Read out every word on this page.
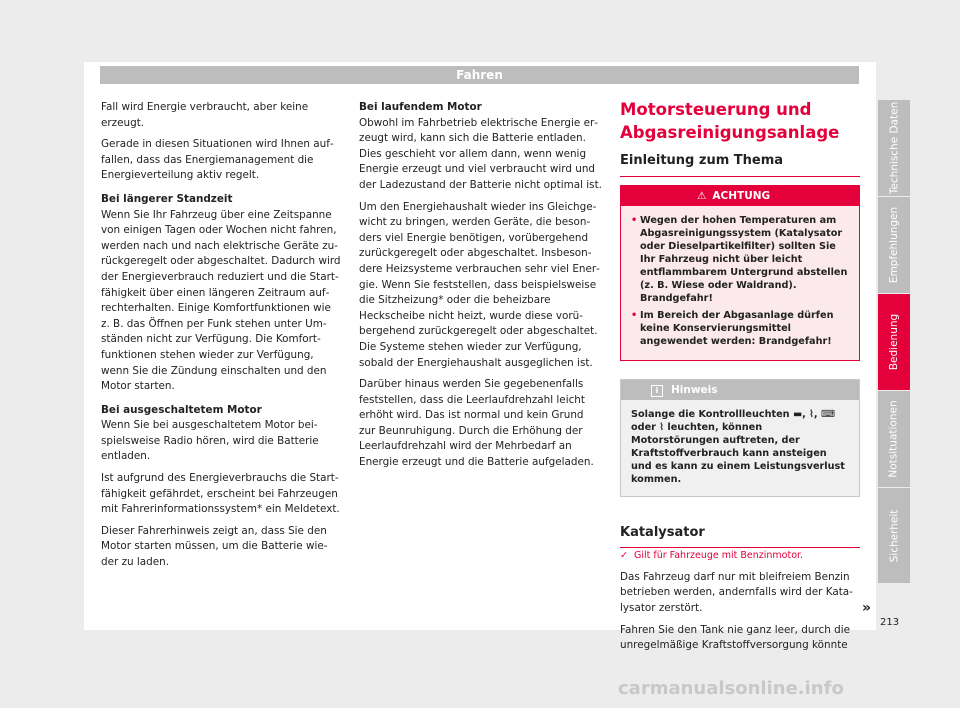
Fahren

Fall wird Energie verbraucht, aber keine erzeugt.

Gerade in diesen Situationen wird Ihnen auffallen, dass das Energiemanagement die Energieverteilung aktiv regelt.

Bei längerer Standzeit

Wenn Sie Ihr Fahrzeug über eine Zeitspanne von einigen Tagen oder Wochen nicht fahren, werden nach und nach elektrische Geräte zurückgeregelt oder abgeschaltet. Dadurch wird der Energieverbrauch reduziert und die Startfähigkeit über einen längeren Zeitraum aufrechterhalten. Einige Komfortfunktionen wie z. B. das Öffnen per Funk stehen unter Umständen nicht zur Verfügung. Die Komfortfunktionen stehen wieder zur Verfügung, wenn Sie die Zündung einschalten und den Motor starten.

Bei ausgeschaltetem Motor

Wenn Sie bei ausgeschaltetem Motor beispielsweise Radio hören, wird die Batterie entladen.

Ist aufgrund des Energieverbrauchs die Startfähigkeit gefährdet, erscheint bei Fahrzeugen mit Fahrerinformationssystem* ein Meldetext.

Dieser Fahrerhinweis zeigt an, dass Sie den Motor starten müssen, um die Batterie wieder zu laden.

Bei laufendem Motor

Obwohl im Fahrbetrieb elektrische Energie erzeugt wird, kann sich die Batterie entladen. Dies geschieht vor allem dann, wenn wenig Energie erzeugt und viel verbraucht wird und der Ladezustand der Batterie nicht optimal ist.

Um den Energiehaushalt wieder ins Gleichgewicht zu bringen, werden Geräte, die besonders viel Energie benötigen, vorübergehend zurückgeregelt oder abgeschaltet. Insbesondere Heizsysteme verbrauchen sehr viel Energie. Wenn Sie feststellen, dass beispielsweise die Sitzheizung* oder die beheizbare Heckscheibe nicht heizt, wurde diese vorübergehend zurückgeregelt oder abgeschaltet. Die Systeme stehen wieder zur Verfügung, sobald der Energiehaushalt ausgeglichen ist.

Darüber hinaus werden Sie gegebenenfalls feststellen, dass die Leerlaufdrehzahl leicht erhöht wird. Das ist normal und kein Grund zur Beunruhigung. Durch die Erhöhung der Leerlaufdrehzahl wird der Mehrbedarf an Energie erzeugt und die Batterie aufgeladen.

Motorsteuerung und Abgasreinigungsanlage
Einleitung zum Thema
⚠ ACHTUNG
• Wegen der hohen Temperaturen am Abgasreinigungssystem (Katalysator oder Dieselpartikelfilter) sollten Sie Ihr Fahrzeug nicht über leicht entflammbarem Untergrund abstellen (z. B. Wiese oder Waldrand). Brandgefahr!
• Im Bereich der Abgasanlage dürfen keine Konservierungsmittel angewendet werden: Brandgefahr!
i Hinweis
Solange die Kontrollleuchten ▬, ⌇, ⌨ oder ⌇ leuchten, können Motorstörungen auftreten, der Kraftstoffverbrauch kann ansteigen und es kann zu einem Leistungsverlust kommen.
Katalysator

✓ Gilt für Fahrzeuge mit Benzinmotor.

Das Fahrzeug darf nur mit bleifreiem Benzin betrieben werden, andernfalls wird der Katalysator zerstört.

Fahren Sie den Tank nie ganz leer, durch die unregelmäßige Kraftstoffversorgung könnte

Technische Daten
Empfehlungen
Bedienung
Notsituationen
Sicherheit
»
213
carmanualsonline.info
